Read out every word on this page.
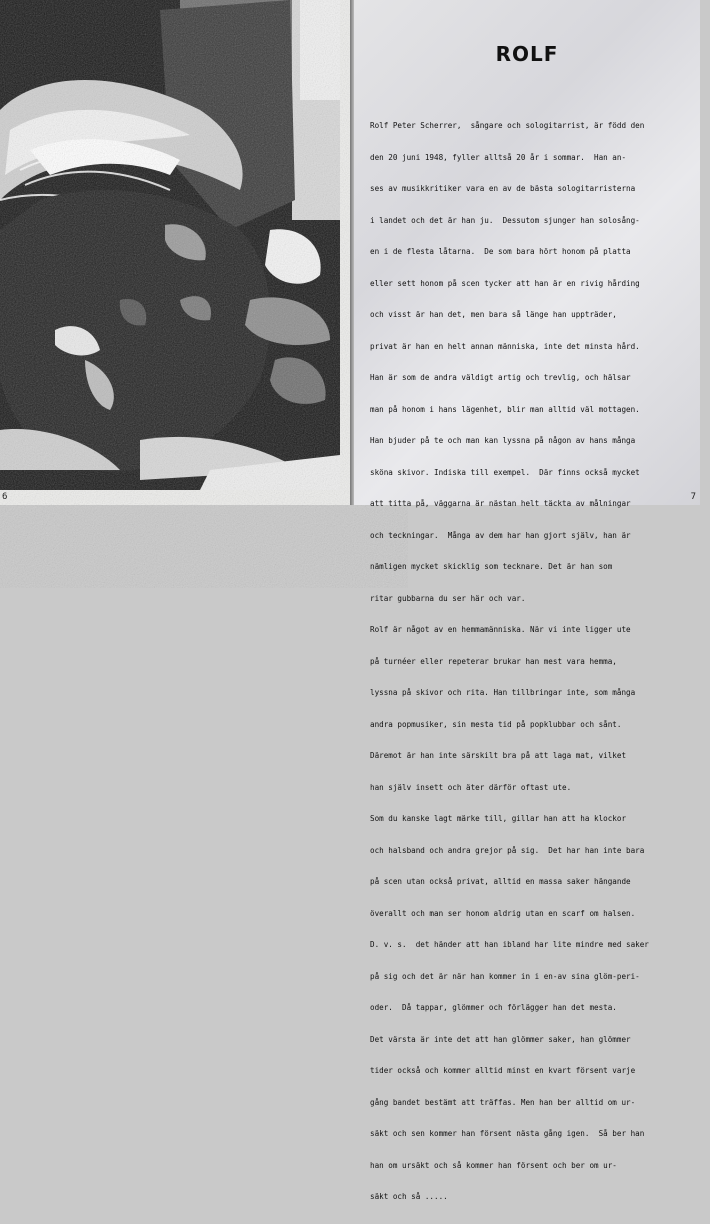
6
ROLF

Rolf Peter Scherrer,  sångare och sologitarrist, är född den

den 20 juni 1948, fyller alltså 20 år i sommar.  Han an-

ses av musikkritiker vara en av de bästa sologitarristerna

i landet och det är han ju.  Dessutom sjunger han solosång-

en i de flesta låtarna.  De som bara hört honom på platta

eller sett honom på scen tycker att han är en rivig hårding

och visst är han det, men bara så länge han uppträder,

privat är han en helt annan människa, inte det minsta hård.

Han är som de andra väldigt artig och trevlig, och hälsar

man på honom i hans lägenhet, blir man alltid väl mottagen.

Han bjuder på te och man kan lyssna på någon av hans många

sköna skivor. Indiska till exempel.  Där finns också mycket

att titta på, väggarna är nästan helt täckta av målningar

och teckningar.  Många av dem har han gjort själv, han är

nämligen mycket skicklig som tecknare. Det är han som

ritar gubbarna du ser här och var.

Rolf är något av en hemmamänniska. När vi inte ligger ute

på turnéer eller repeterar brukar han mest vara hemma,

lyssna på skivor och rita. Han tillbringar inte, som många

andra popmusiker, sin mesta tid på popklubbar och sånt.

Däremot är han inte särskilt bra på att laga mat, vilket

han själv insett och äter därför oftast ute.

Som du kanske lagt märke till, gillar han att ha klockor

och halsband och andra grejor på sig.  Det har han inte bara

på scen utan också privat, alltid en massa saker hängande

överallt och man ser honom aldrig utan en scarf om halsen.

D. v. s.  det händer att han ibland har lite mindre med saker

på sig och det är när han kommer in i en-av sina glöm-peri-

oder.  Då tappar, glömmer och förlägger han det mesta.

Det värsta är inte det att han glömmer saker, han glömmer

tider också och kommer alltid minst en kvart försent varje

gång bandet bestämt att träffas. Men han ber alltid om ur-

säkt och sen kommer han försent nästa gång igen.  Så ber han

han om ursäkt och så kommer han försent och ber om ur-

säkt och så .....

7
